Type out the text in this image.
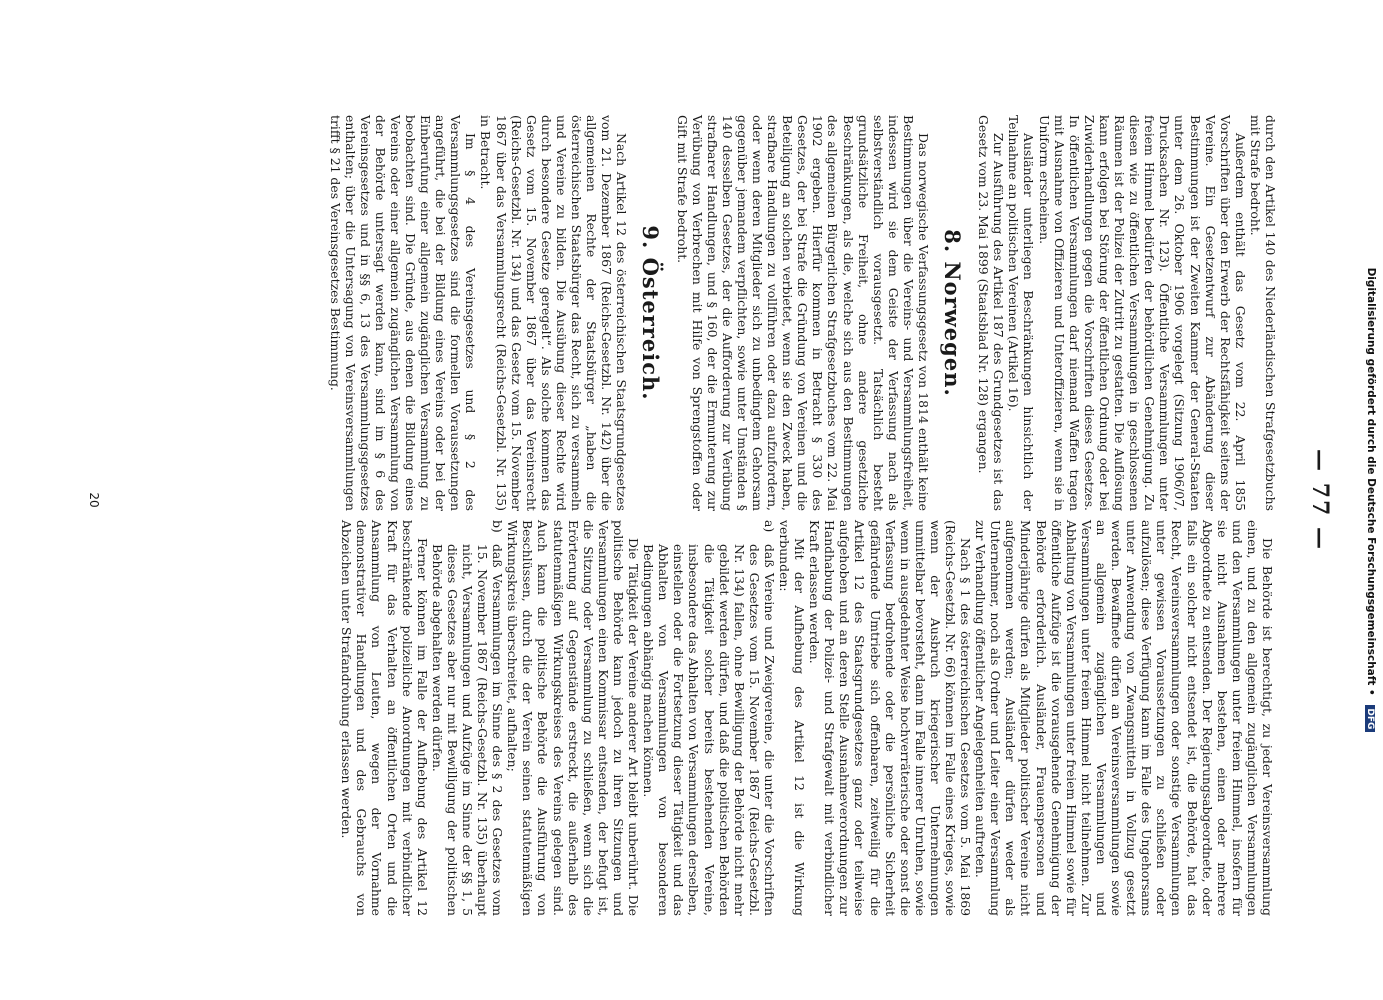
Digitalisierung gefördert durch die Deutsche Forschungsgemeinschaft • DFG
— 77 —

durch den Artikel 140 des Niederländischen Strafgesetzbuchs mit Strafe bedroht.

Außerdem enthält das Gesetz vom 22. April 1855 Vorschriften über den Erwerb der Rechtsfähigkeit seitens der Vereine. Ein Gesetzentwurf zur Abänderung dieser Bestimmungen ist der Zweiten Kammer der General-Staaten unter dem 26. Oktober 1906 vorgelegt (Sitzung 1906/07, Drucksachen Nr. 123). Öffentliche Versammlungen unter freiem Himmel bedürfen der behördlichen Genehmigung. Zu diesen wie zu öffentlichen Versammlungen in geschlossenen Räumen ist der Polizei der Zutritt zu gestatten. Die Auflösung kann erfolgen bei Störung der öffentlichen Ordnung oder bei Zuwiderhandlungen gegen die Vorschriften dieses Gesetzes. In öffentlichen Versammlungen darf niemand Waffen tragen mit Ausnahme von Offizieren und Unteroffizieren, wenn sie in Uniform erscheinen.

Ausländer unterliegen Beschränkungen hinsichtlich der Teilnahme an politischen Vereinen (Artikel 16).

Zur Ausführung des Artikel 187 des Grundgesetzes ist das Gesetz vom 23. Mai 1899 (Staatsblad Nr. 128) ergangen.

8. Norwegen.

Das norwegische Verfassungsgesetz von 1814 enthält keine Bestimmungen über die Vereins- und Versammlungsfreiheit, indessen wird sie dem Geiste der Verfassung nach als selbstverständlich vorausgesetzt. Tatsächlich besteht grundsätzliche Freiheit, ohne andere gesetzliche Beschränkungen, als die, welche sich aus den Bestimmungen des allgemeinen Bürgerlichen Strafgesetzbuches vom 22. Mai 1902 ergeben. Hierfür kommen in Betracht § 330 des Gesetzes, der bei Strafe die Gründung von Vereinen und die Beteiligung an solchen verbietet, wenn sie den Zweck haben, strafbare Handlungen zu vollführen oder dazu aufzufordern, oder wenn deren Mitglieder sich zu unbedingtem Gehorsam gegenüber jemandem verpflichten, sowie unter Umständen § 140 desselben Gesetzes, der die Aufforderung zur Verübung strafbarer Handlungen, und § 160, der die Ermunterung zur Verübung von Verbrechen mit Hilfe von Sprengstoffen oder Gift mit Strafe bedroht.

9. Österreich.

Nach Artikel 12 des österreichischen Staatsgrundgesetzes vom 21. Dezember 1867 (Reichs-Gesetzbl. Nr. 142) über die allgemeinen Rechte der Staatsbürger „haben die österreichischen Staatsbürger das Recht, sich zu versammeln und Vereine zu bilden. Die Ausübung dieser Rechte wird durch besondere Gesetze geregelt“. Als solche kommen das Gesetz vom 15. November 1867 über das Vereinsrecht (Reichs-Gesetzbl. Nr. 134) und das Gesetz vom 15. November 1867 über das Versammlungsrecht (Reichs-Gesetzbl. Nr. 135) in Betracht.

Im § 4 des Vereinsgesetzes und § 2 des Versammlungsgesetzes sind die formellen Voraussetzungen angeführt, die bei der Bildung eines Vereins oder bei der Einberufung einer allgemein zugänglichen Versammlung zu beobachten sind. Die Gründe, aus denen die Bildung eines Vereins oder einer allgemein zugänglichen Versammlung von der Behörde untersagt werden kann, sind im § 6 des Vereinsgesetzes und in §§ 6, 13 des Versammlungsgesetzes enthalten; über die Untersagung von Vereinsversammlungen trifft § 21 des Vereinsgesetzes Bestimmung.

Die Behörde ist berechtigt, zu jeder Vereinsversammlung einen, und zu den allgemein zugänglichen Versammlungen und den Versammlungen unter freiem Himmel, insofern für sie nicht Ausnahmen bestehen, einen oder mehrere Abgeordnete zu entsenden. Der Regierungsabgeordnete, oder falls ein solcher nicht entsendet ist, die Behörde, hat das Recht, Vereinsversammlungen oder sonstige Versammlungen unter gewissen Voraussetzungen zu schließen oder aufzulösen; diese Verfügung kann im Falle des Ungehorsams unter Anwendung von Zwangsmitteln in Vollzug gesetzt werden. Bewaffnete dürfen an Vereinsversammlungen sowie an allgemein zugänglichen Versammlungen und Versammlungen unter freiem Himmel nicht teilnehmen. Zur Abhaltung von Versammlungen unter freiem Himmel sowie für öffentliche Aufzüge ist die vorausgehende Genehmigung der Behörde erforderlich. Ausländer, Frauenspersonen und Minderjährige dürfen als Mitglieder politischer Vereine nicht aufgenommen werden; Ausländer dürfen weder als Unternehmer, noch als Ordner und Leiter einer Versammlung zur Verhandlung öffentlicher Angelegenheiten auftreten.

Nach § 1 des österreichischen Gesetzes vom 5. Mai 1869 (Reichs-Gesetzbl. Nr. 66) können im Falle eines Krieges, sowie wenn der Ausbruch kriegerischer Unternehmungen unmittelbar bevorsteht, dann im Falle innerer Unruhen, sowie wenn in ausgedehnter Weise hochverräterische oder sonst die Verfassung bedrohende oder die persönliche Sicherheit gefährdende Umtriebe sich offenbaren, zeitweilig für die Artikel 12 des Staatsgrundgesetzes ganz oder teilweise aufgehoben und an deren Stelle Ausnahmeverordnungen zur Handhabung der Polizei- und Strafgewalt mit verbindlicher Kraft erlassen werden.

Mit der Aufhebung des Artikel 12 ist die Wirkung verbunden:

a)
daß Vereine und Zweigvereine, die unter die Vorschriften des Gesetzes vom 15. November 1867 (Reichs-Gesetzbl. Nr. 134) fallen, ohne Bewilligung der Behörde nicht mehr gebildet werden dürfen, und daß die politischen Behörden die Tätigkeit solcher bereits bestehenden Vereine, insbesondere das Abhalten von Versammlungen derselben, einstellen oder die Fortsetzung dieser Tätigkeit und das Abhalten von Versammlungen von besonderen Bedingungen abhängig machen können.

Die Tätigkeit der Vereine anderer Art bleibt unberührt. Die politische Behörde kann jedoch zu ihren Sitzungen und Versammlungen einen Kommissar entsenden, der befugt ist, die Sitzung oder Versammlung zu schließen, wenn sich die Erörterung auf Gegenstände erstreckt, die außerhalb des statutenmäßigen Wirkungskreises des Vereins gelegen sind. Auch kann die politische Behörde die Ausführung von Beschlüssen, durch die der Verein seinen statutenmäßigen Wirkungskreis überschreitet, aufhalten;

b)
daß Versammlungen im Sinne des § 2 des Gesetzes vom 15. November 1867 (Reichs-Gesetzbl. Nr. 135) überhaupt nicht, Versammlungen und Aufzüge im Sinne der §§ 1, 5 dieses Gesetzes aber nur mit Bewilligung der politischen Behörde abgehalten werden dürfen.

Ferner können im Falle der Aufhebung des Artikel 12 beschränkende polizeiliche Anordnungen mit verbindlicher Kraft für das Verhalten an öffentlichen Orten und die Ansammlung von Leuten, wegen der Vornahme demonstrativer Handlungen und des Gebrauchs von Abzeichen unter Strafandrohung erlassen werden.

20
